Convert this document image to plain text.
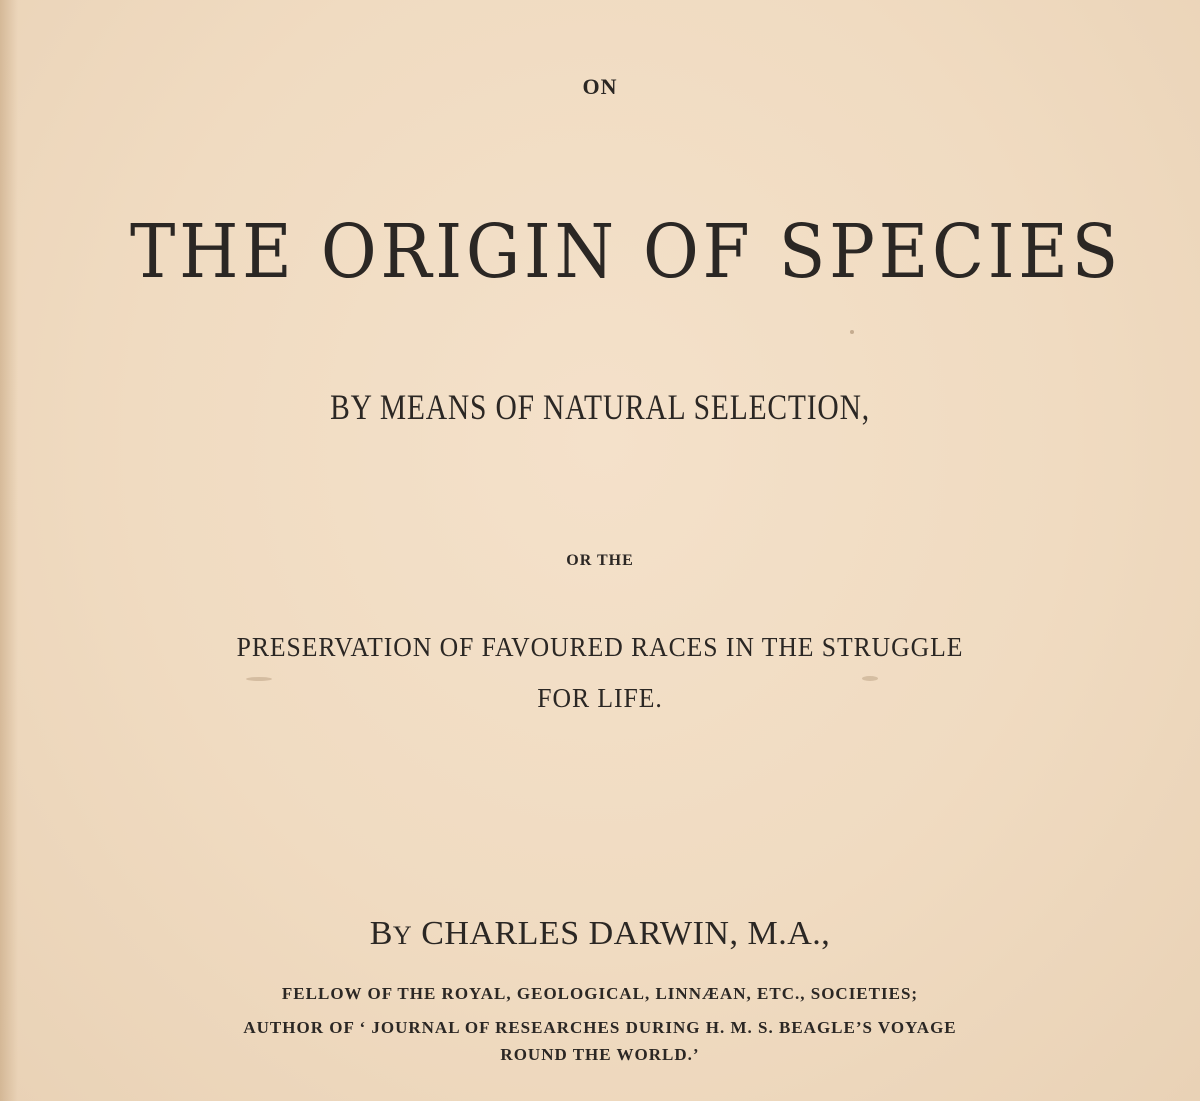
ON

THE ORIGIN OF SPECIES

BY MEANS OF NATURAL SELECTION,

OR THE

PRESERVATION OF FAVOURED RACES IN THE STRUGGLE

FOR LIFE.

BY CHARLES DARWIN, M.A.,

FELLOW OF THE ROYAL, GEOLOGICAL, LINNÆAN, ETC., SOCIETIES;

AUTHOR OF ‘ JOURNAL OF RESEARCHES DURING H. M. S. BEAGLE’S VOYAGE

ROUND THE WORLD.’
